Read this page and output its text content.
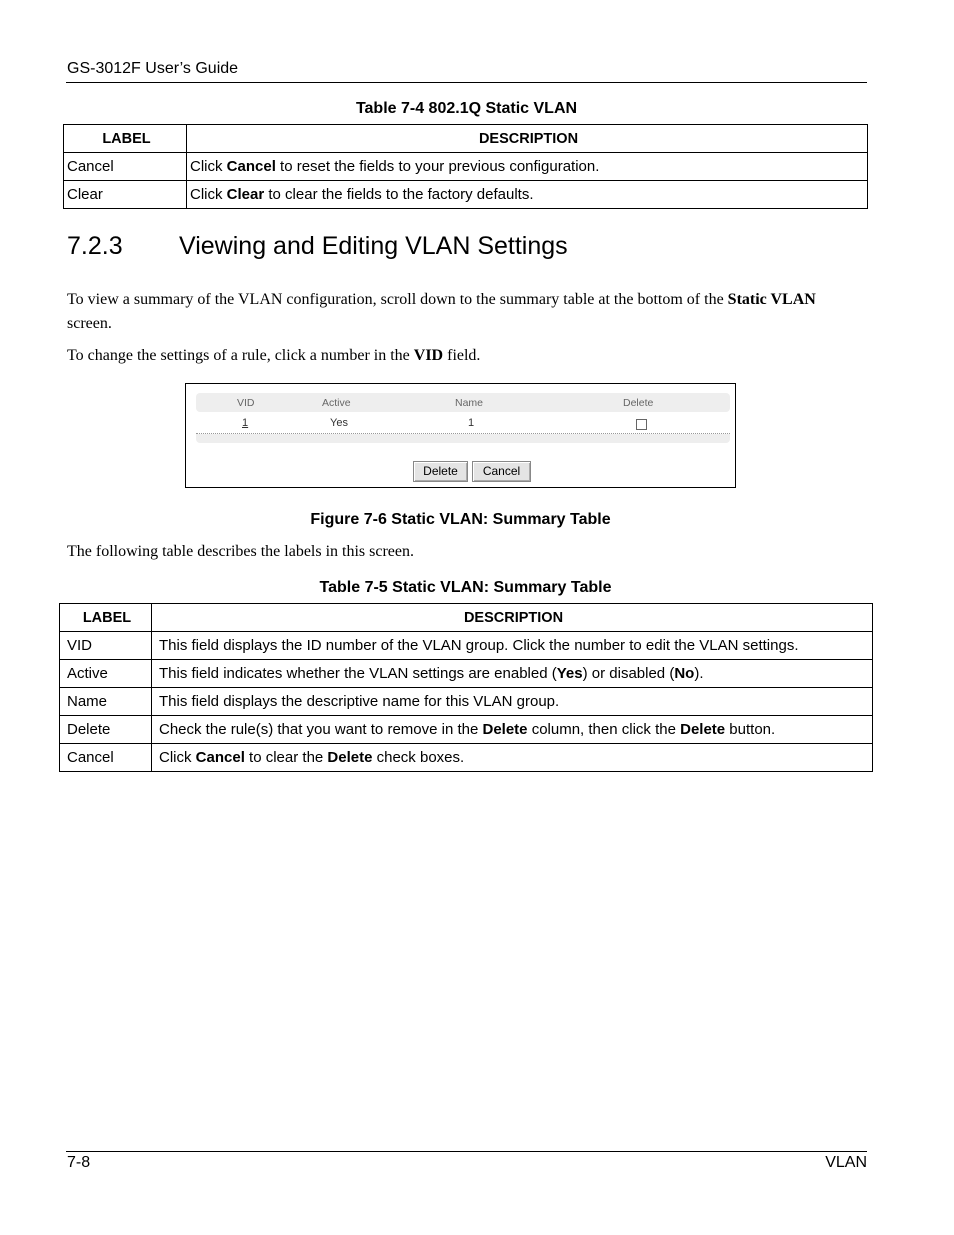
GS-3012F User’s Guide
Table 7-4 802.1Q Static VLAN
LABEL	DESCRIPTION
Cancel	Click Cancel to reset the fields to your previous configuration.
Clear	Click Clear to clear the fields to the factory defaults.
7.2.3 Viewing and Editing VLAN Settings
To view a summary of the VLAN configuration, scroll down to the summary table at the bottom of the Static VLAN screen.
To change the settings of a rule, click a number in the VID field.
VID	Active	Name	Delete
1	Yes	1
Delete	Cancel
Figure 7-6 Static VLAN: Summary Table
The following table describes the labels in this screen.
Table 7-5 Static VLAN: Summary Table
LABEL	DESCRIPTION
VID	This field displays the ID number of the VLAN group. Click the number to edit the VLAN settings.
Active	This field indicates whether the VLAN settings are enabled (Yes) or disabled (No).
Name	This field displays the descriptive name for this VLAN group.
Delete	Check the rule(s) that you want to remove in the Delete column, then click the Delete button.
Cancel	Click Cancel to clear the Delete check boxes.
7-8	VLAN
